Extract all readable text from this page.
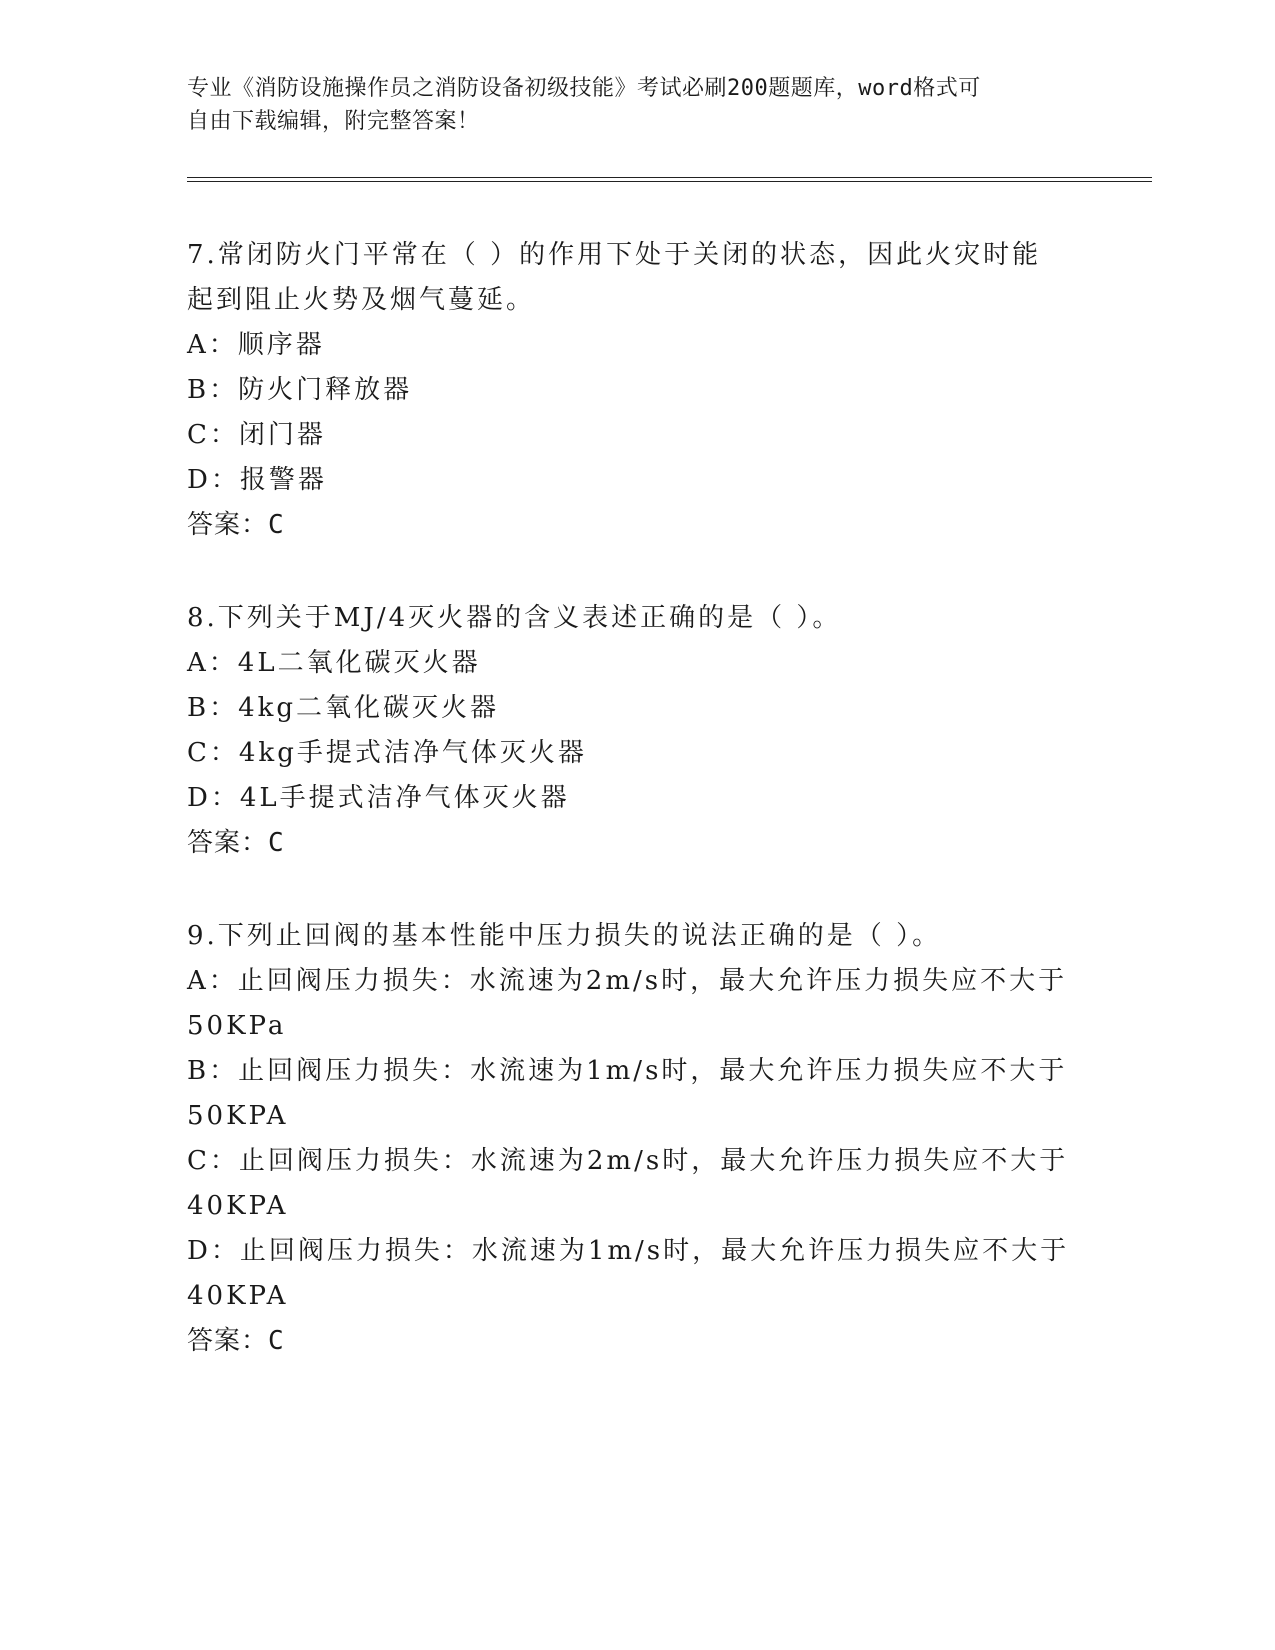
专业《消防设施操作员之消防设备初级技能》考试必刷200题题库，word格式可
自由下载编辑，附完整答案！
7.常闭防火门平常在（ ）的作用下处于关闭的状态，因此火灾时能
起到阻止火势及烟气蔓延。
A：顺序器
B：防火门释放器
C：闭门器
D：报警器
答案：C
8.下列关于MJ/4灭火器的含义表述正确的是（ ）。
A：4L二氧化碳灭火器
B：4kg二氧化碳灭火器
C：4kg手提式洁净气体灭火器
D：4L手提式洁净气体灭火器
答案：C
9.下列止回阀的基本性能中压力损失的说法正确的是（ ）。
A：止回阀压力损失：水流速为2m/s时，最大允许压力损失应不大于
50KPa
B：止回阀压力损失：水流速为1m/s时，最大允许压力损失应不大于
50KPA
C：止回阀压力损失：水流速为2m/s时，最大允许压力损失应不大于
40KPA
D：止回阀压力损失：水流速为1m/s时，最大允许压力损失应不大于
40KPA
答案：C
